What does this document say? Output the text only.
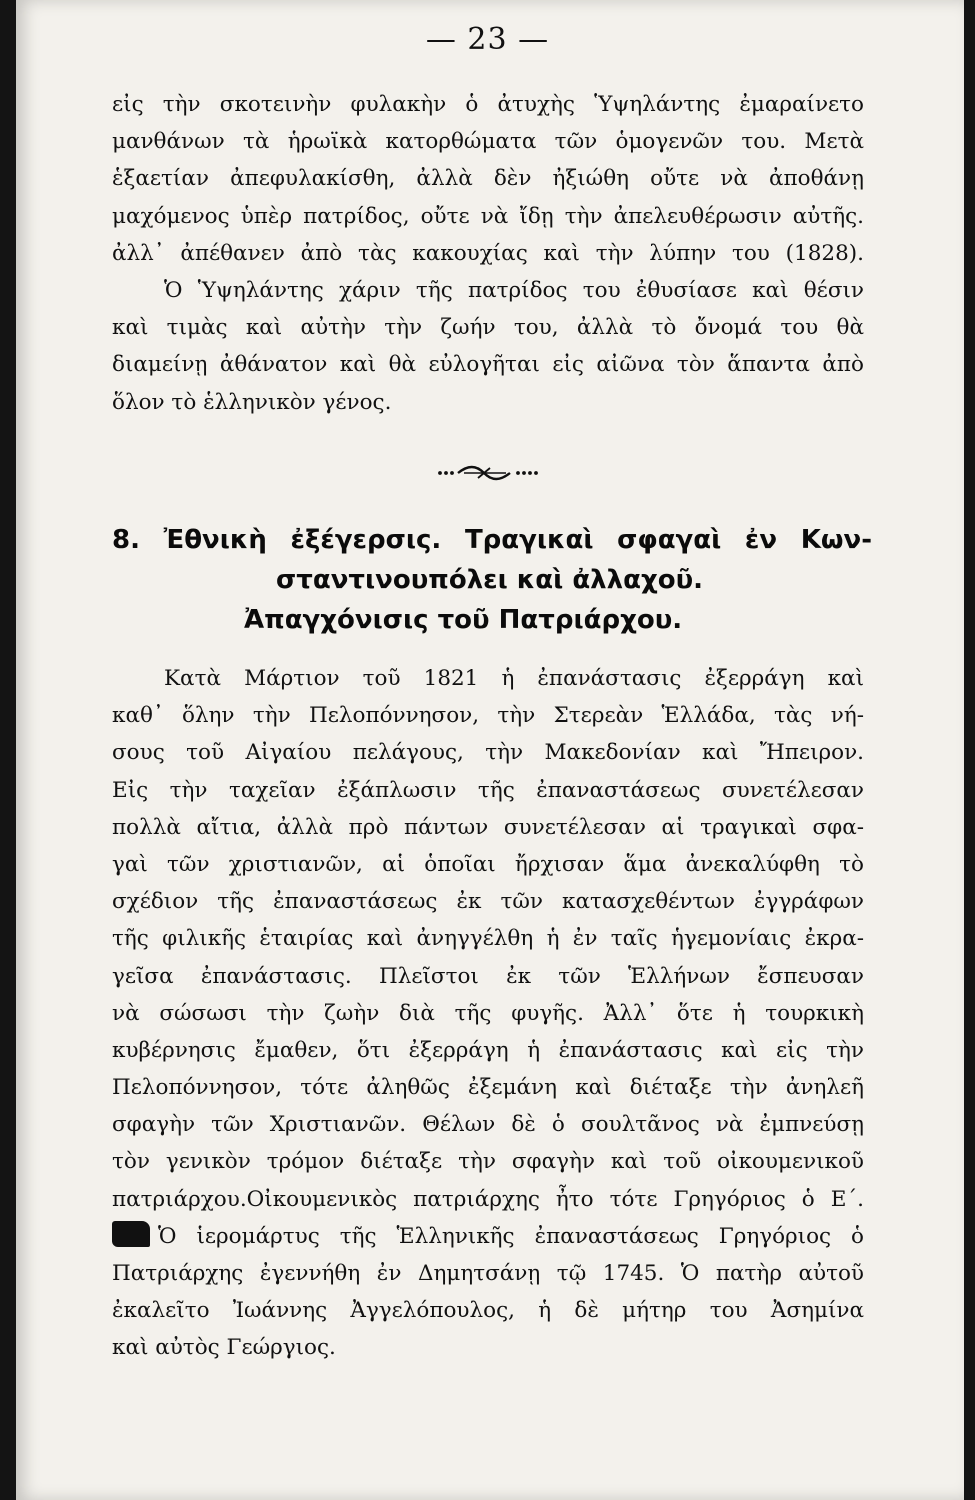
— 23 —
εἰς τὴν σκοτεινὴν φυλακὴν ὁ ἀτυχὴς Ὑψηλάντης ἐμαραίνετο
μανθάνων τὰ ἡρωϊκὰ κατορθώματα τῶν ὁμογενῶν του. Μετὰ
ἑξαετίαν ἀπεφυλακίσθη, ἀλλὰ δὲν ἠξιώθη οὔτε νὰ ἀποθάνῃ
μαχόμενος ὑπὲρ πατρίδος, οὔτε νὰ ἴδῃ τὴν ἀπελευθέρωσιν αὐτῆς.
ἀλλ᾽ ἀπέθανεν ἀπὸ τὰς κακουχίας καὶ τὴν λύπην του (1828).
Ὁ Ὑψηλάντης χάριν τῆς πατρίδος του ἐθυσίασε καὶ θέσιν
καὶ τιμὰς καὶ αὐτὴν τὴν ζωήν του, ἀλλὰ τὸ ὄνομά του θὰ
διαμείνῃ ἀθάνατον καὶ θὰ εὐλογῆται εἰς αἰῶνα τὸν ἅπαντα ἀπὸ
ὅλον τὸ ἑλληνικὸν γένος.
8. Ἐθνικὴ ἐξέγερσις. Τραγικαὶ σφαγαὶ ἐν Κων-
σταντινουπόλει καὶ ἀλλαχοῦ.
Ἀπαγχόνισις τοῦ Πατριάρχου.
Κατὰ Μάρτιον τοῦ 1821 ἡ ἐπανάστασις ἐξερράγη καὶ
καθ᾽ ὅλην τὴν Πελοπόννησον, τὴν Στερεὰν Ἑλλάδα, τὰς νή-
σους τοῦ Αἰγαίου πελάγους, τὴν Μακεδονίαν καὶ Ἤπειρον.
Εἰς τὴν ταχεῖαν ἐξάπλωσιν τῆς ἐπαναστάσεως συνετέλεσαν
πολλὰ αἴτια, ἀλλὰ πρὸ πάντων συνετέλεσαν αἱ τραγικαὶ σφα-
γαὶ τῶν χριστιανῶν, αἱ ὁποῖαι ἤρχισαν ἅμα ἀνεκαλύφθη τὸ
σχέδιον τῆς ἐπαναστάσεως ἐκ τῶν κατασχεθέντων ἐγγράφων
τῆς φιλικῆς ἑταιρίας καὶ ἀνηγγέλθη ἡ ἐν ταῖς ἡγεμονίαις ἐκρα-
γεῖσα ἐπανάστασις. Πλεῖστοι ἐκ τῶν Ἑλλήνων ἔσπευσαν
νὰ σώσωσι τὴν ζωὴν διὰ τῆς φυγῆς. Ἀλλ᾽ ὅτε ἡ τουρκικὴ
κυβέρνησις ἔμαθεν, ὅτι ἐξερράγη ἡ ἐπανάστασις καὶ εἰς τὴν
Πελοπόννησον, τότε ἀληθῶς ἐξεμάνη καὶ διέταξε τὴν ἀνηλεῆ
σφαγὴν τῶν Χριστιανῶν. Θέλων δὲ ὁ σουλτᾶνος νὰ ἐμπνεύσῃ
τὸν γενικὸν τρόμον διέταξε τὴν σφαγὴν καὶ τοῦ οἰκουμενικοῦ
πατριάρχου.Οἰκουμενικὸς πατριάρχης ἦτο τότε Γρηγόριος ὁ Ε΄.
Ὁ ἱερομάρτυς τῆς Ἑλληνικῆς ἐπαναστάσεως Γρηγόριος ὁ
Πατριάρχης ἐγεννήθη ἐν Δημητσάνῃ τῷ 1745. Ὁ πατὴρ αὐτοῦ
ἐκαλεῖτο Ἰωάννης Ἀγγελόπουλος, ἡ δὲ μήτηρ του Ἀσημίνα
καὶ αὐτὸς Γεώργιος.
